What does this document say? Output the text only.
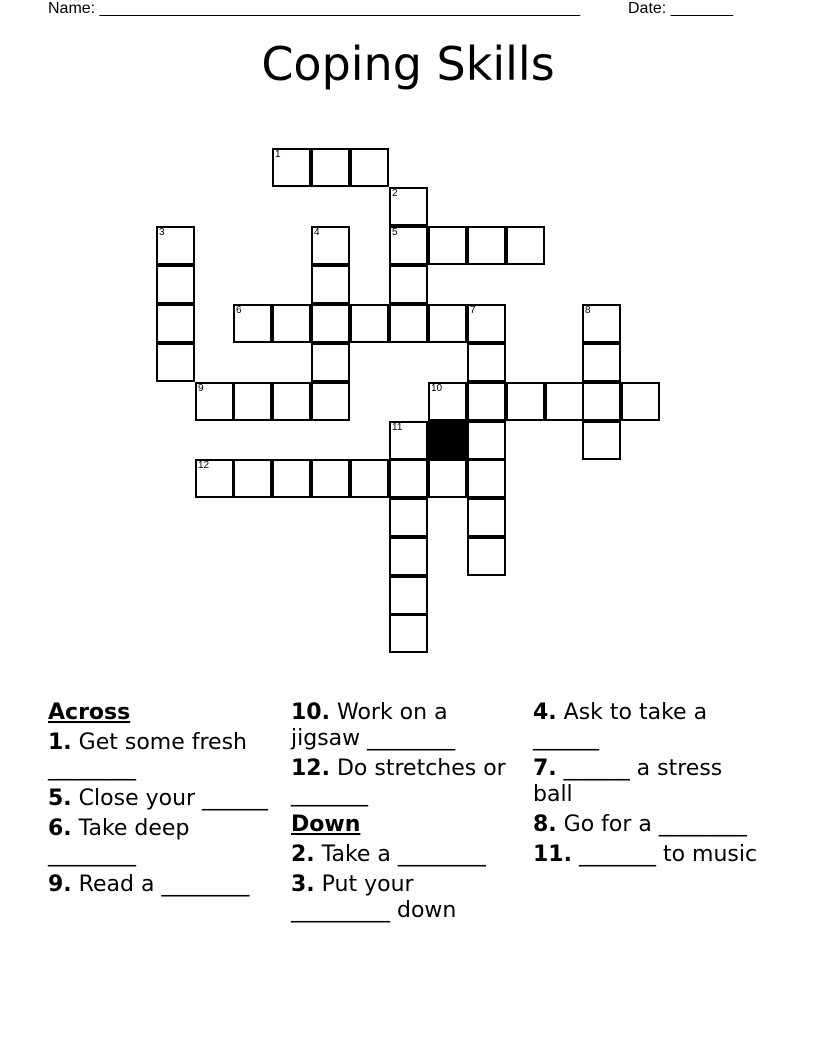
Name: ______________________________________________________	Date: _______
Coping Skills
1
2
3	4	5
6	7	8
9	10
11
12
Across
1. Get some fresh ________
5. Close your ______
6. Take deep ________
9. Read a ________
10. Work on a jigsaw ________
12. Do stretches or _______
Down
2. Take a ________
3. Put your _________ down
4. Ask to take a ______
7. ______ a stress ball
8. Go for a ________
11. _______ to music
